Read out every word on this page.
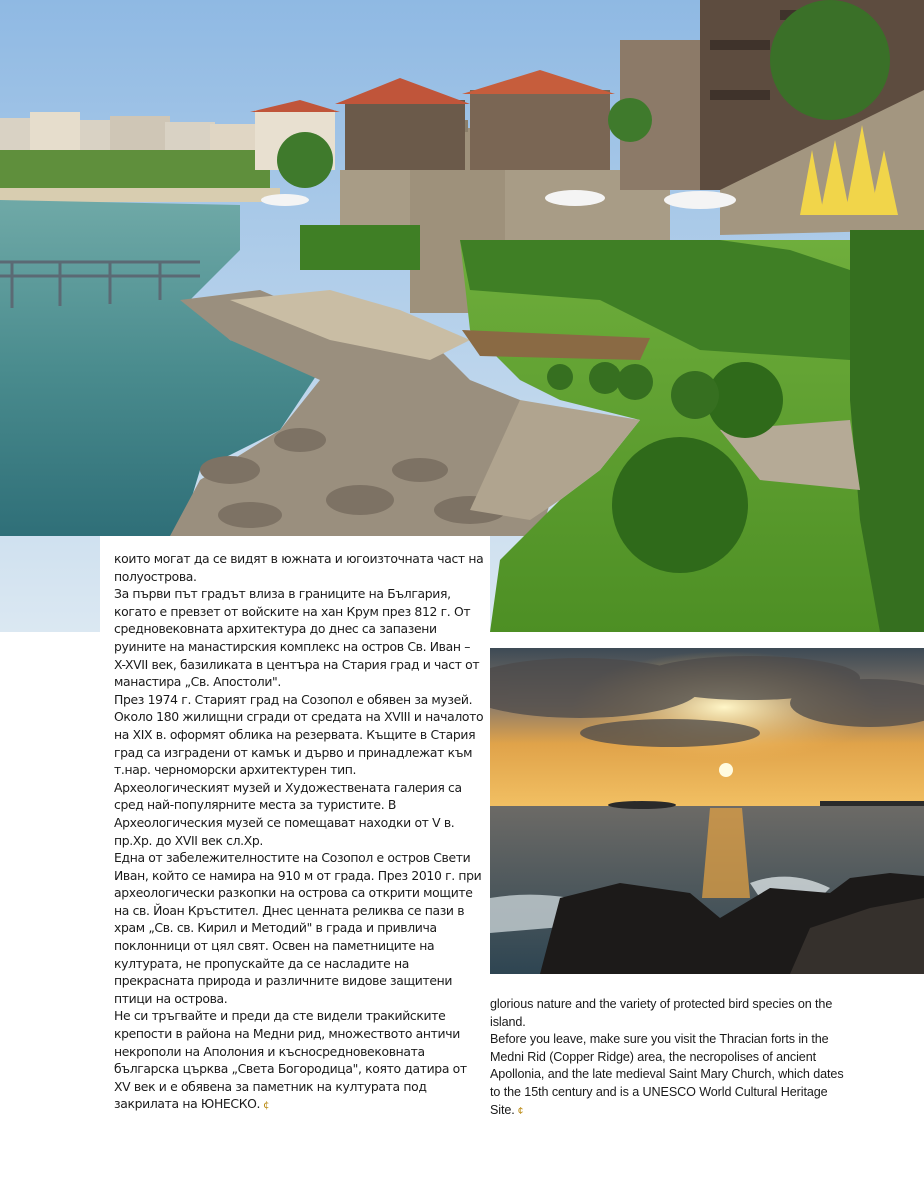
които могат да се видят в южната и югоизточната част на полуострова.

За първи път градът влиза в границите на България, когато е превзет от войските на хан Крум през 812 г. От средновековната архитектура до днес са запазени руините на манастирския комплекс на остров Св. Иван – X-XVII век, базиликата в центъра на Стария град и част от манастира „Св. Апостоли".

През 1974 г. Старият град на Созопол е обявен за музей. Около 180 жилищни сгради от средата на XVIII и началото на XIX в. оформят облика на резервата. Къщите в Стария град са изградени от камък и дърво и принадлежат към т.нар. черноморски архитектурен тип.

Археологическият музей и Художествената галерия са сред най-популярните места за туристите. В Археологическия музей се помещават находки от V в. пр.Хр. до XVII век сл.Хр.

Една от забележителностите на Созопол е остров Свети Иван, който се намира на 910 м от града. През 2010 г. при археологически разкопки на острова са открити мощите на св. Йоан Кръстител. Днес ценната реликва се пази в храм „Св. св. Кирил и Методий" в града и привлича поклонници от цял свят. Освен на паметниците на културата, не пропускайте да се насладите на прекрасната природа и различните видове защитени птици на острова.

Не си тръгвайте и преди да сте видели тракийските крепости в района на Медни рид, множеството античи некрополи на Аполония и късносредновековната българска църква „Света Богородица", която датира от XV век и е обявена за паметник на културата под закрилата на ЮНЕСКО. ¢

glorious nature and the variety of protected bird species on the island.

Before you leave, make sure you visit the Thracian forts in the Medni Rid (Copper Ridge) area, the necropolises of ancient Apollonia, and the late medieval Saint Mary Church, which dates to the 15th century and is a UNESCO World Cultural Heritage Site. ¢
